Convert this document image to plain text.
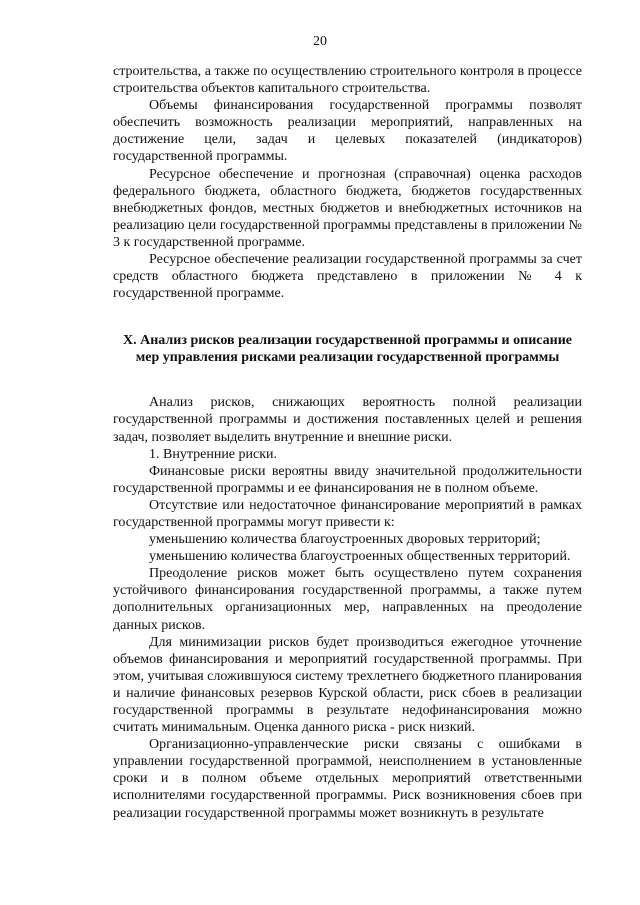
20

строительства, а также по осуществлению строительного контроля в процессе строительства объектов капитального строительства.

Объемы финансирования государственной программы позволят обеспечить возможность реализации мероприятий, направленных на достижение цели, задач и целевых показателей (индикаторов) государственной программы.

Ресурсное обеспечение и прогнозная (справочная) оценка расходов федерального бюджета, областного бюджета, бюджетов государственных внебюджетных фондов, местных бюджетов и внебюджетных источников на реализацию цели государственной программы представлены в приложении № 3 к государственной программе.

Ресурсное обеспечение реализации государственной программы за счет средств областного бюджета представлено в приложении № 4 к государственной программе.

X. Анализ рисков реализации государственной программы и описание
мер управления рисками реализации государственной программы

Анализ рисков, снижающих вероятность полной реализации государственной программы и достижения поставленных целей и решения задач, позволяет выделить внутренние и внешние риски.

1. Внутренние риски.

Финансовые риски вероятны ввиду значительной продолжительности государственной программы и ее финансирования не в полном объеме.

Отсутствие или недостаточное финансирование мероприятий в рамках государственной программы могут привести к:

уменьшению количества благоустроенных дворовых территорий;

уменьшению количества благоустроенных общественных территорий.

Преодоление рисков может быть осуществлено путем сохранения устойчивого финансирования государственной программы, а также путем дополнительных организационных мер, направленных на преодоление данных рисков.

Для минимизации рисков будет производиться ежегодное уточнение объемов финансирования и мероприятий государственной программы. При этом, учитывая сложившуюся систему трехлетнего бюджетного планирования и наличие финансовых резервов Курской области, риск сбоев в реализации государственной программы в результате недофинансирования можно считать минимальным. Оценка данного риска - риск низкий.

Организационно-управленческие риски связаны с ошибками в управлении государственной программой, неисполнением в установленные сроки и в полном объеме отдельных мероприятий ответственными исполнителями государственной программы. Риск возникновения сбоев при реализации государственной программы может возникнуть в результате
